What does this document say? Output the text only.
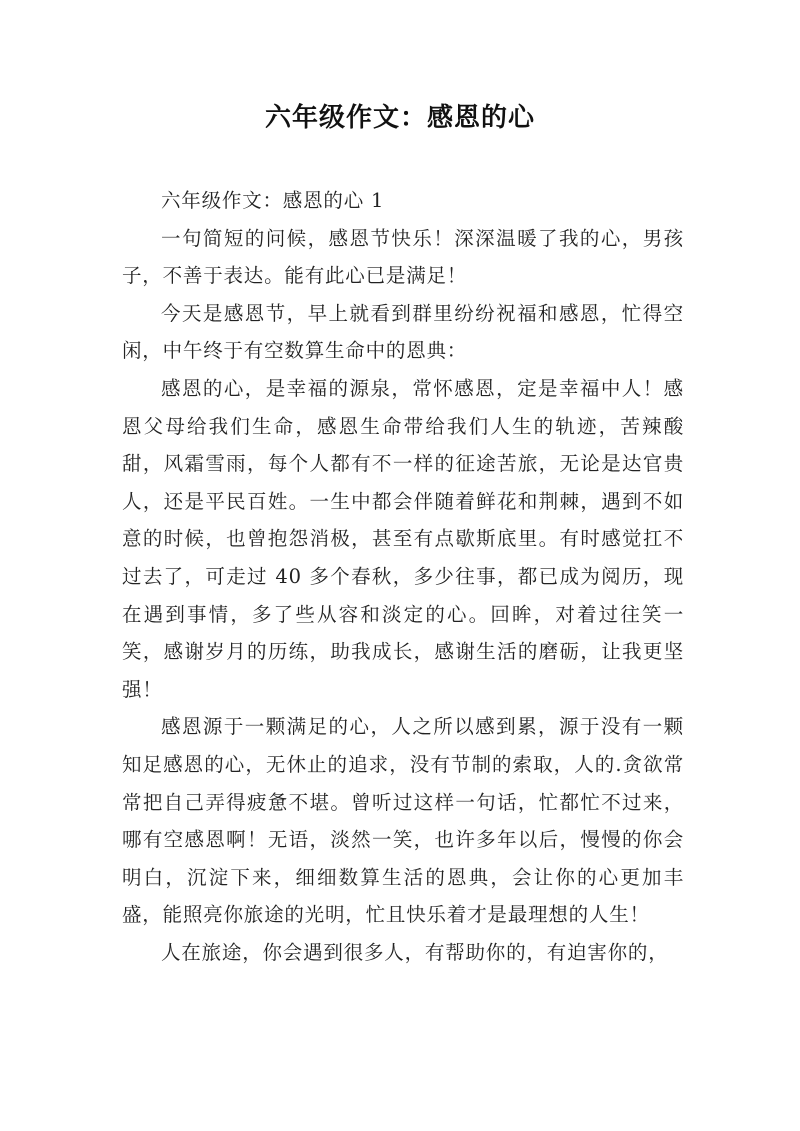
六年级作文：感恩的心

六年级作文：感恩的心 1

一句简短的问候，感恩节快乐！深深温暖了我的心，男孩子，不善于表达。能有此心已是满足！

今天是感恩节，早上就看到群里纷纷祝福和感恩，忙得空闲，中午终于有空数算生命中的恩典：

感恩的心，是幸福的源泉，常怀感恩，定是幸福中人！感恩父母给我们生命，感恩生命带给我们人生的轨迹，苦辣酸甜，风霜雪雨，每个人都有不一样的征途苦旅，无论是达官贵人，还是平民百姓。一生中都会伴随着鲜花和荆棘，遇到不如意的时候，也曾抱怨消极，甚至有点歇斯底里。有时感觉扛不过去了，可走过 40 多个春秋，多少往事，都已成为阅历，现在遇到事情，多了些从容和淡定的心。回眸，对着过往笑一笑，感谢岁月的历练，助我成长，感谢生活的磨砺，让我更坚强！

感恩源于一颗满足的心，人之所以感到累，源于没有一颗知足感恩的心，无休止的追求，没有节制的索取，人的.贪欲常常把自己弄得疲惫不堪。曾听过这样一句话，忙都忙不过来，哪有空感恩啊！无语，淡然一笑，也许多年以后，慢慢的你会明白，沉淀下来，细细数算生活的恩典，会让你的心更加丰盛，能照亮你旅途的光明，忙且快乐着才是最理想的人生！

人在旅途，你会遇到很多人，有帮助你的，有迫害你的，
